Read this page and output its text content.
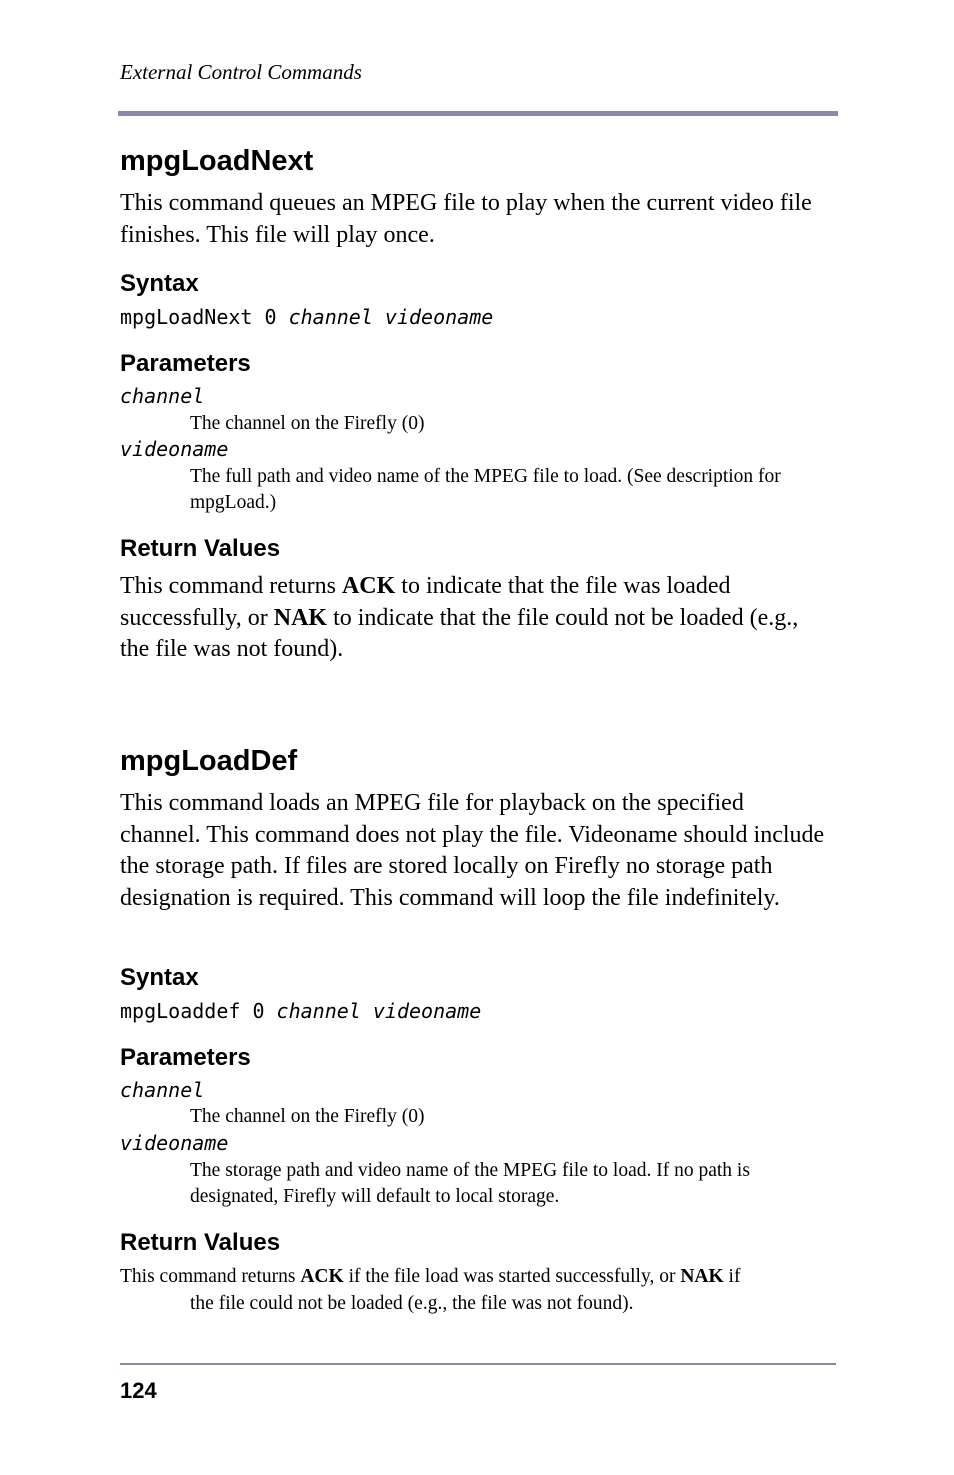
External Control Commands
mpgLoadNext
This command queues an MPEG file to play when the current video file finishes. This file will play once.
Syntax
mpgLoadNext 0 channel videoname
Parameters
channel
The channel on the Firefly (0)
videoname
The full path and video name of the MPEG file to load. (See description for mpgLoad.)
Return Values
This command returns ACK to indicate that the file was loaded successfully, or NAK to indicate that the file could not be loaded (e.g., the file was not found).
mpgLoadDef
This command loads an MPEG file for playback on the specified channel. This command does not play the file. Videoname should include the storage path. If files are stored locally on Firefly no storage path designation is required. This command will loop the file indefinitely.
Syntax
mpgLoaddef 0 channel videoname
Parameters
channel
The channel on the Firefly (0)
videoname
The storage path and video name of the MPEG file to load. If no path is designated, Firefly will default to local storage.
Return Values
This command returns ACK if the file load was started successfully, or NAK if
the file could not be loaded (e.g., the file was not found).
124
